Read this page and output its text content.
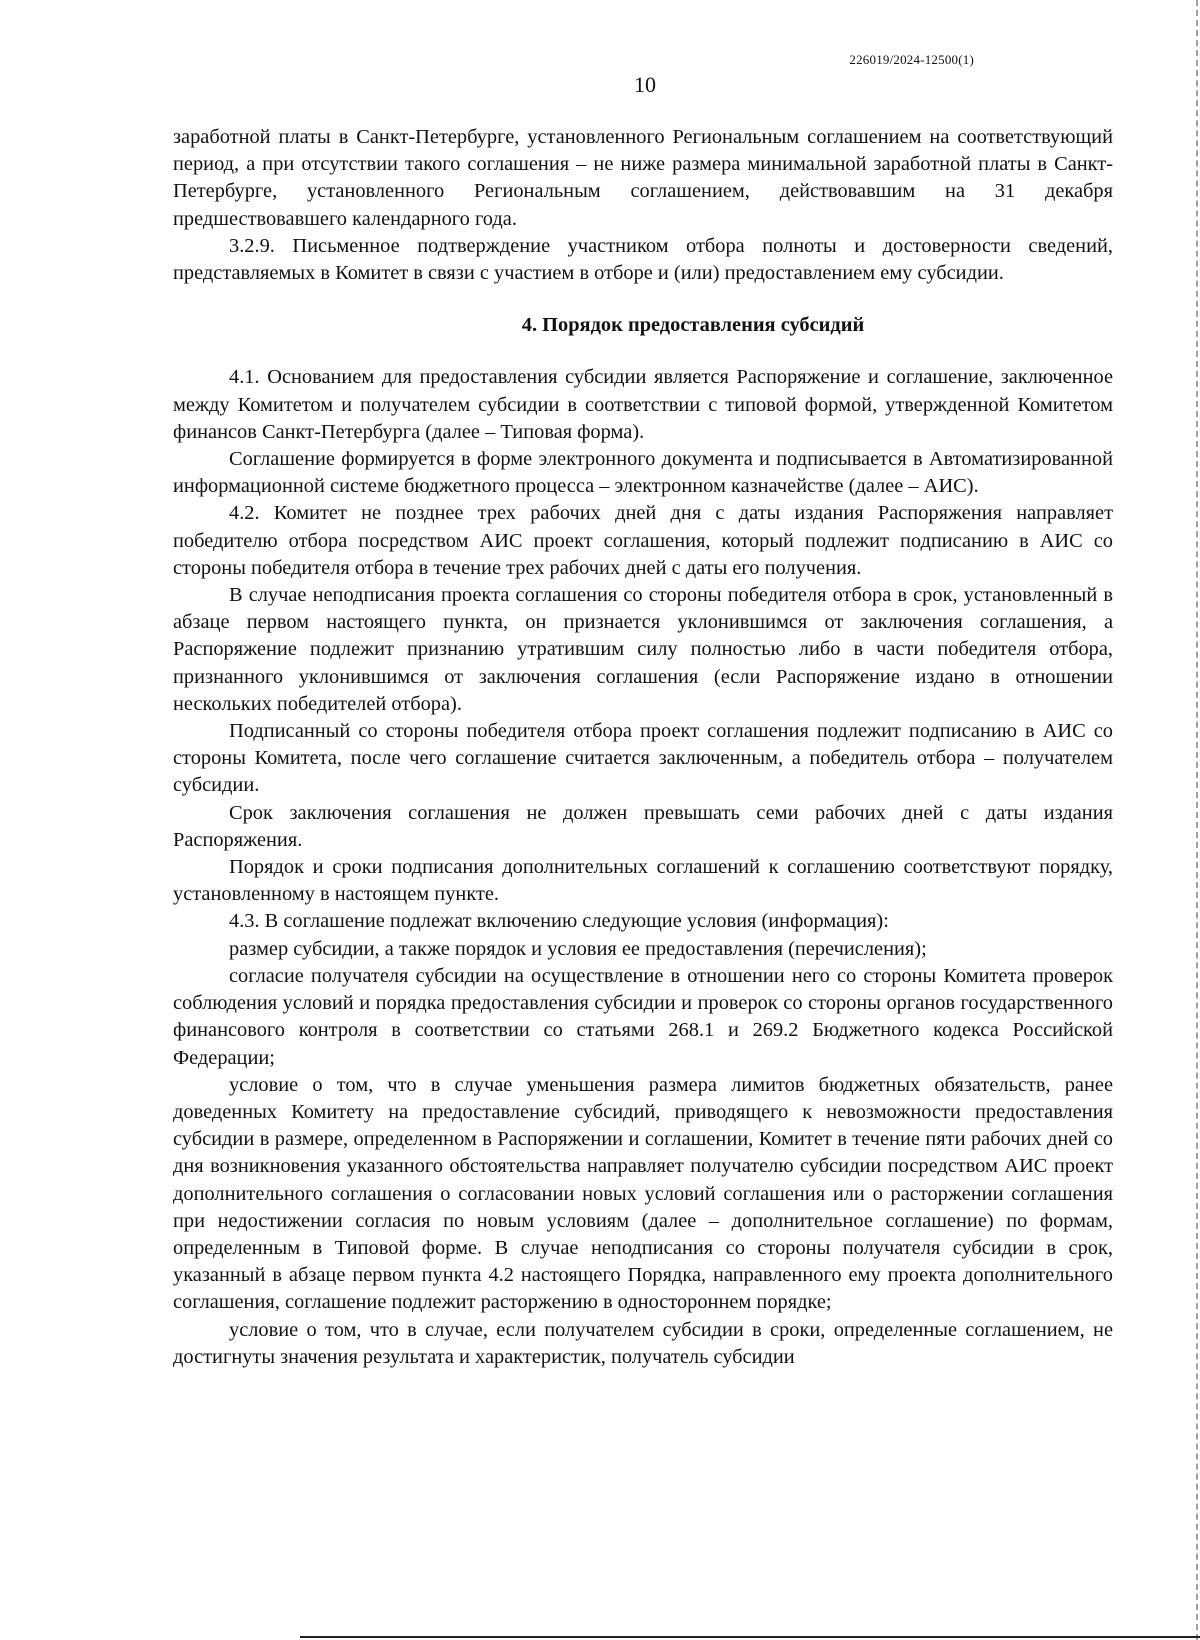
226019/2024-12500(1)
10

заработной платы в Санкт-Петербурге, установленного Региональным соглашением на соответствующий период, а при отсутствии такого соглашения – не ниже размера минимальной заработной платы в Санкт-Петербурге, установленного Региональным соглашением, действовавшим на 31 декабря предшествовавшего календарного года.

3.2.9. Письменное подтверждение участником отбора полноты и достоверности сведений, представляемых в Комитет в связи с участием в отборе и (или) предоставлением ему субсидии.

4. Порядок предоставления субсидий

4.1. Основанием для предоставления субсидии является Распоряжение и соглашение, заключенное между Комитетом и получателем субсидии в соответствии с типовой формой, утвержденной Комитетом финансов Санкт-Петербурга (далее – Типовая форма).

Соглашение формируется в форме электронного документа и подписывается в Автоматизированной информационной системе бюджетного процесса – электронном казначействе (далее – АИС).

4.2. Комитет не позднее трех рабочих дней дня с даты издания Распоряжения направляет победителю отбора посредством АИС проект соглашения, который подлежит подписанию в АИС со стороны победителя отбора в течение трех рабочих дней с даты его получения.

В случае неподписания проекта соглашения со стороны победителя отбора в срок, установленный в абзаце первом настоящего пункта, он признается уклонившимся от заключения соглашения, а Распоряжение подлежит признанию утратившим силу полностью либо в части победителя отбора, признанного уклонившимся от заключения соглашения (если Распоряжение издано в отношении нескольких победителей отбора).

Подписанный со стороны победителя отбора проект соглашения подлежит подписанию в АИС со стороны Комитета, после чего соглашение считается заключенным, а победитель отбора – получателем субсидии.

Срок заключения соглашения не должен превышать семи рабочих дней с даты издания Распоряжения.

Порядок и сроки подписания дополнительных соглашений к соглашению соответствуют порядку, установленному в настоящем пункте.

4.3. В соглашение подлежат включению следующие условия (информация):

размер субсидии, а также порядок и условия ее предоставления (перечисления);

согласие получателя субсидии на осуществление в отношении него со стороны Комитета проверок соблюдения условий и порядка предоставления субсидии и проверок со стороны органов государственного финансового контроля в соответствии со статьями 268.1 и 269.2 Бюджетного кодекса Российской Федерации;

условие о том, что в случае уменьшения размера лимитов бюджетных обязательств, ранее доведенных Комитету на предоставление субсидий, приводящего к невозможности предоставления субсидии в размере, определенном в Распоряжении и соглашении, Комитет в течение пяти рабочих дней со дня возникновения указанного обстоятельства направляет получателю субсидии посредством АИС проект дополнительного соглашения о согласовании новых условий соглашения или о расторжении соглашения при недостижении согласия по новым условиям (далее – дополнительное соглашение) по формам, определенным в Типовой форме. В случае неподписания со стороны получателя субсидии в срок, указанный в абзаце первом пункта 4.2 настоящего Порядка, направленного ему проекта дополнительного соглашения, соглашение подлежит расторжению в одностороннем порядке;

условие о том, что в случае, если получателем субсидии в сроки, определенные соглашением, не достигнуты значения результата и характеристик, получатель субсидии
